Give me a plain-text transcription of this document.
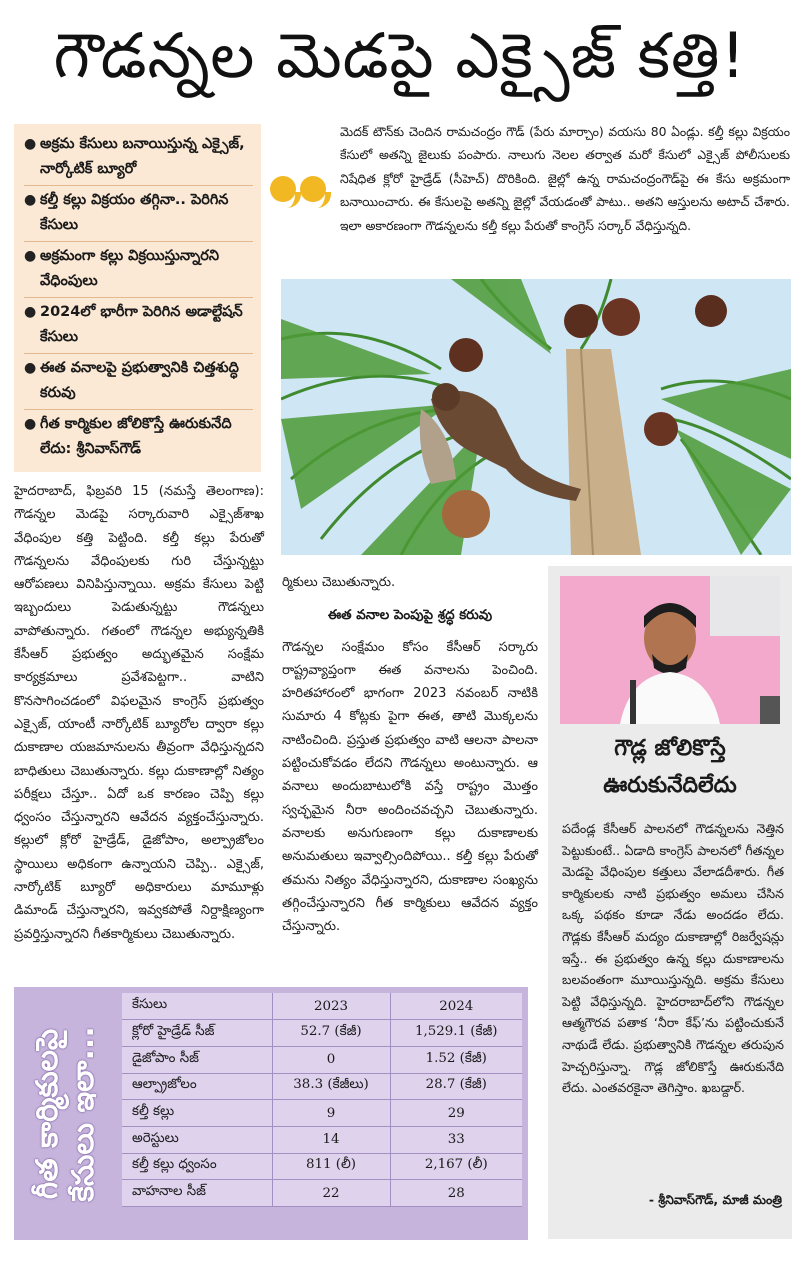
గౌడన్నల మెడపై ఎక్సైజ్ కత్తి!
● అక్రమ కేసులు బనాయిస్తున్న ఎక్సైజ్, నార్కోటిక్ బ్యూరో
● కల్తీ కల్లు విక్రయం తగ్గినా.. పెరిగిన కేసులు
● అక్రమంగా కల్లు విక్రయిస్తున్నారని వేధింపులు
● 2024లో భారీగా పెరిగిన అడాల్టేషన్ కేసులు
● ఈత వనాలపై ప్రభుత్వానికి చిత్తశుద్ధి కరువు
● గీత కార్మికుల జోలికొస్తే ఊరుకునేది లేదు: శ్రీనివాస్‌గౌడ్
మెదక్ టౌన్‌కు చెందిన రామచంద్రం గౌడ్ (పేరు మార్చాం) వయసు 80 ఏండ్లు. కల్తీ కల్లు విక్రయం కేసులో అతన్ని జైలుకు పంపారు. నాలుగు నెలల తర్వాత మరో కేసులో ఎక్సైజ్ పోలీసులకు నిషేధిత క్లోరో హైడ్రేడ్ (సీహెచ్) దొరికింది. జైల్లో ఉన్న రామచంద్రంగౌడ్‌పై ఈ కేసు అక్రమంగా బనాయించారు. ఈ కేసులపై అతన్ని జైల్లో వేయడంతో పాటు.. అతని ఆస్తులను అటాచ్ చేశారు. ఇలా అకారణంగా గౌడన్నలను కల్తీ కల్లు పేరుతో కాంగ్రెస్ సర్కార్ వేధిస్తున్నది.
హైదరాబాద్, ఫిబ్రవరి 15 (నమస్తే తెలంగాణ): గౌడన్నల మెడపై సర్కారువారి ఎక్సైజ్‌శాఖ వేధింపుల కత్తి పెట్టింది. కల్తీ కల్లు పేరుతో గౌడన్నలను వేధింపులకు గురి చేస్తున్నట్టు ఆరోపణలు వినిపిస్తున్నాయి. అక్రమ కేసులు పెట్టి ఇబ్బందులు పెడుతున్నట్టు గౌడన్నలు వాపోతున్నారు. గతంలో గౌడన్నల అభ్యున్నతికి కేసీఆర్ ప్రభుత్వం అద్భుతమైన సంక్షేమ కార్యక్రమాలు ప్రవేశపెట్టగా.. వాటిని కొనసాగించడంలో విఫలమైన కాంగ్రెస్ ప్రభుత్వం ఎక్సైజ్, యాంటీ నార్కోటిక్ బ్యూరోల ద్వారా కల్లు దుకాణాల యజమానులను తీవ్రంగా వేధిస్తున్నదని బాధితులు చెబుతున్నారు. కల్లు దుకాణాల్లో నిత్యం పరీక్షలు చేస్తూ.. ఏదో ఒక కారణం చెప్పి కల్లు ధ్వంసం చేస్తున్నారని ఆవేదన వ్యక్తంచేస్తున్నారు. కల్లులో క్లోరో హైడ్రేడ్, డైజోపాం, అల్ప్రాజోలం స్థాయిలు అధికంగా ఉన్నాయని చెప్పి.. ఎక్సైజ్, నార్కోటిక్ బ్యూరో అధికారులు మామూళ్లు డిమాండ్ చేస్తున్నారని, ఇవ్వకపోతే నిర్దాక్షిణ్యంగా ప్రవర్తిస్తున్నారని గీతకార్మికులు చెబుతున్నారు.
ర్మికులు చెబుతున్నారు.
ఈత వనాల పెంపుపై శ్రద్ధ కరువు
గౌడన్నల సంక్షేమం కోసం కేసీఆర్ సర్కారు రాష్ట్రవ్యాప్తంగా ఈత వనాలను పెంచింది. హరితహారంలో భాగంగా 2023 నవంబర్ నాటికి సుమారు 4 కోట్లకు పైగా ఈత, తాటి మొక్కలను నాటించింది. ప్రస్తుత ప్రభుత్వం వాటి ఆలనా పాలనా పట్టించుకోవడం లేదని గౌడన్నలు అంటున్నారు. ఆ వనాలు అందుబాటులోకి వస్తే రాష్ట్రం మొత్తం స్వచ్ఛమైన నీరా అందించవచ్చని చెబుతున్నారు. వనాలకు అనుగుణంగా కల్లు దుకాణాలకు అనుమతులు ఇవ్వాల్సిందిపోయి.. కల్తీ కల్లు పేరుతో తమను నిత్యం వేధిస్తున్నారని, దుకాణాల సంఖ్యను తగ్గించేస్తున్నారని గీత కార్మికులు ఆవేదన వ్యక్తం చేస్తున్నారు.
గౌడ్ల జోలికొస్తే
ఊరుకునేదిలేదు
పదేండ్ల కేసీఆర్ పాలనలో గౌడన్నలను నెత్తిన పెట్టుకుంటే.. ఏడాది కాంగ్రెస్ పాలనలో గీతన్నల మెడపై వేధింపుల కత్తులు వేలాడదీశారు. గీత కార్మికులకు నాటి ప్రభుత్వం అమలు చేసిన ఒక్క పథకం కూడా నేడు అందడం లేదు. గౌడ్లకు కేసీఆర్ మద్యం దుకాణాల్లో రిజర్వేషన్లు ఇస్తే.. ఈ ప్రభుత్వం ఉన్న కల్లు దుకాణాలను బలవంతంగా మూయిస్తున్నది. అక్రమ కేసులు పెట్టి వేధిస్తున్నది. హైదరాబాద్‌లోని గౌడన్నల ఆత్మగౌరవ పతాక ‘నీరా కేఫ్’ను పట్టించుకునే నాథుడే లేడు. ప్రభుత్వానికి గౌడన్నల తరుపున హెచ్చరిస్తున్నా. గౌడ్ల జోలికొస్తే ఊరుకునేది లేదు. ఎంతవరకైనా తెగిస్తాం. ఖబడ్దార్.
- శ్రీనివాస్‌గౌడ్, మాజీ మంత్రి
గీత కార్మికులపై
కేసులు ఇలా...
కేసులు	2023	2024
క్లోరో హైడ్రేడ్ సీజ్	52.7 (కేజీ)	1,529.1 (కేజీ)
డైజోపాం సీజ్	0	1.52 (కేజీ)
ఆల్ప్రాజోలం	38.3 (కేజీలు)	28.7 (కేజీ)
కల్తీ కల్లు	9	29
అరెస్టులు	14	33
కల్తీ కల్లు ధ్వంసం	811 (లీ)	2,167 (లీ)
వాహనాల సీజ్	22	28
